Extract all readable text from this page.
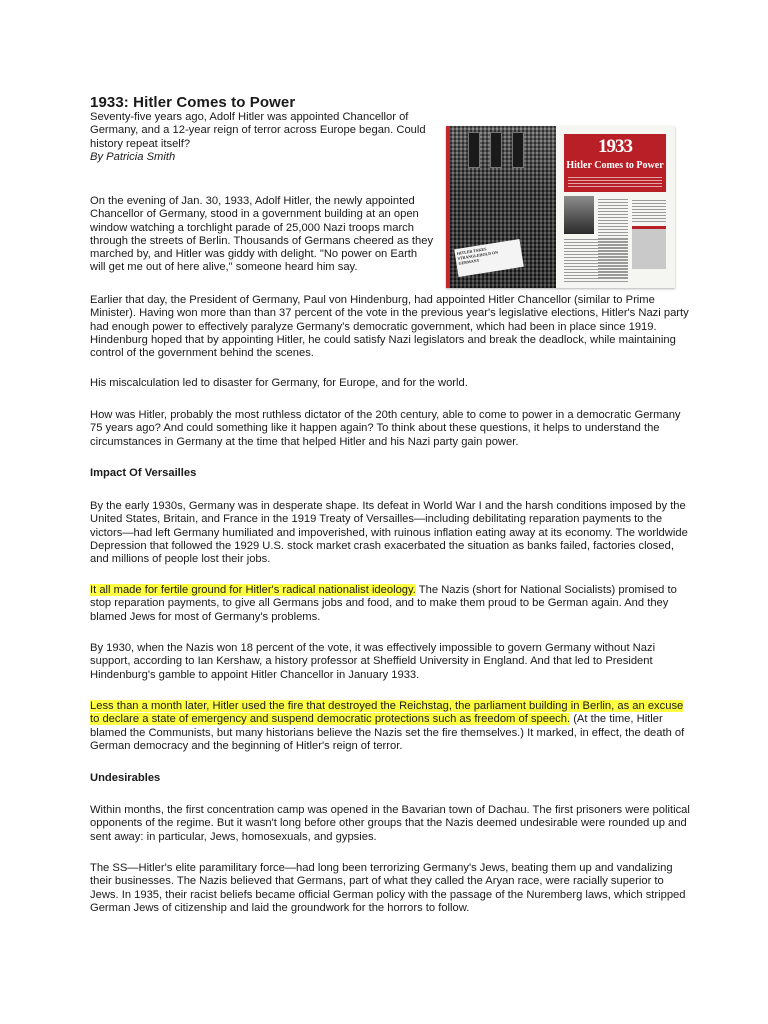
1933: Hitler Comes to Power

Seventy-five years ago, Adolf Hitler was appointed Chancellor of Germany, and a 12-year reign of terror across Europe began. Could history repeat itself?

By Patricia Smith

HITLER TAKES STRANGLEHOLD ON GERMANY
1933
Hitler Comes to Power

On the evening of Jan. 30, 1933, Adolf Hitler, the newly appointed Chancellor of Germany, stood in a government building at an open window watching a torchlight parade of 25,000 Nazi troops march through the streets of Berlin. Thousands of Germans cheered as they marched by, and Hitler was giddy with delight. "No power on Earth will get me out of here alive," someone heard him say.

Earlier that day, the President of Germany, Paul von Hindenburg, had appointed Hitler Chancellor (similar to Prime Minister). Having won more than than 37 percent of the vote in the previous year's legislative elections, Hitler's Nazi party had enough power to effectively paralyze Germany's democratic government, which had been in place since 1919. Hindenburg hoped that by appointing Hitler, he could satisfy Nazi legislators and break the deadlock, while maintaining control of the government behind the scenes.

His miscalculation led to disaster for Germany, for Europe, and for the world.

How was Hitler, probably the most ruthless dictator of the 20th century, able to come to power in a democratic Germany 75 years ago? And could something like it happen again? To think about these questions, it helps to understand the circumstances in Germany at the time that helped Hitler and his Nazi party gain power.

Impact Of Versailles

By the early 1930s, Germany was in desperate shape. Its defeat in World War I and the harsh conditions imposed by the United States, Britain, and France in the 1919 Treaty of Versailles—including debilitating reparation payments to the victors—had left Germany humiliated and impoverished, with ruinous inflation eating away at its economy. The worldwide Depression that followed the 1929 U.S. stock market crash exacerbated the situation as banks failed, factories closed, and millions of people lost their jobs.

It all made for fertile ground for Hitler's radical nationalist ideology. The Nazis (short for National Socialists) promised to stop reparation payments, to give all Germans jobs and food, and to make them proud to be German again. And they blamed Jews for most of Germany's problems.

By 1930, when the Nazis won 18 percent of the vote, it was effectively impossible to govern Germany without Nazi support, according to Ian Kershaw, a history professor at Sheffield University in England. And that led to President Hindenburg's gamble to appoint Hitler Chancellor in January 1933.

Less than a month later, Hitler used the fire that destroyed the Reichstag, the parliament building in Berlin, as an excuse to declare a state of emergency and suspend democratic protections such as freedom of speech. (At the time, Hitler blamed the Communists, but many historians believe the Nazis set the fire themselves.) It marked, in effect, the death of German democracy and the beginning of Hitler's reign of terror.

Undesirables

Within months, the first concentration camp was opened in the Bavarian town of Dachau. The first prisoners were political opponents of the regime. But it wasn't long before other groups that the Nazis deemed undesirable were rounded up and sent away: in particular, Jews, homosexuals, and gypsies.

The SS—Hitler's elite paramilitary force—had long been terrorizing Germany's Jews, beating them up and vandalizing their businesses. The Nazis believed that Germans, part of what they called the Aryan race, were racially superior to Jews. In 1935, their racist beliefs became official German policy with the passage of the Nuremberg laws, which stripped German Jews of citizenship and laid the groundwork for the horrors to follow.
